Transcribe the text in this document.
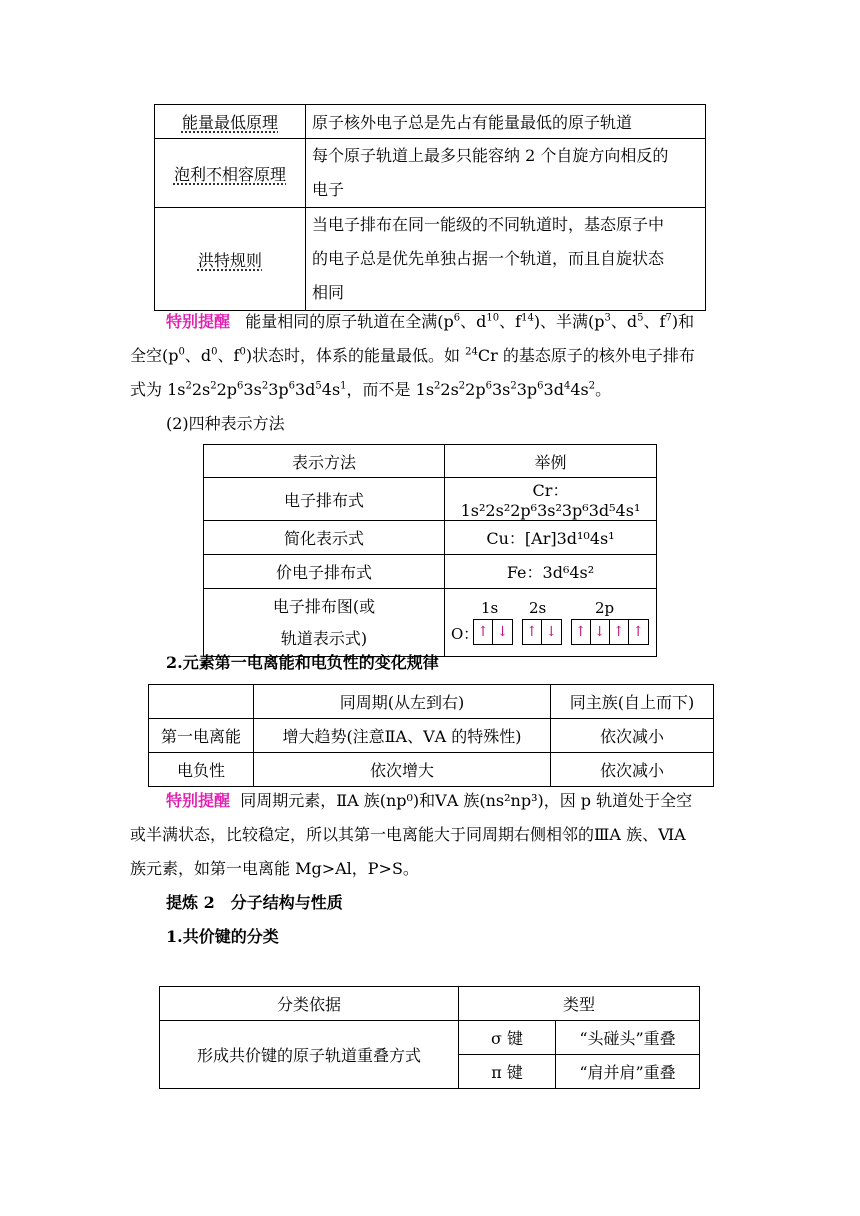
能量最低原理	原子核外电子总是先占有能量最低的原子轨道
泡利不相容原理	每个原子轨道上最多只能容纳 2 个自旋方向相反的
电子
洪特规则	当电子排布在同一能级的不同轨道时，基态原子中
的电子总是优先单独占据一个轨道，而且自旋状态
相同
特别提醒 能量相同的原子轨道在全满($p^6$、$d^{10}$、$f^{14}$)、半满($p^3$、$d^5$、$f^7$)和
全空($p^0$、$d^0$、$f^0$)状态时，体系的能量最低。如 $^{24}$Cr 的基态原子的核外电子排布
式为 $1s^22s^22p^63s^23p^63d^54s^1$，而不是 $1s^22s^22p^63s^23p^63d^44s^2$。
(2)四种表示方法
表示方法	举例
电子排布式	Cr：1s²2s²2p⁶3s²3p⁶3d⁵4s¹
简化表示式	Cu：[Ar]3d¹⁰4s¹
价电子排布式	Fe：3d⁶4s²
电子排布图(或
轨道表示式)	1s 2s 2p
O：
↑ ↓ ↑ ↓ ↑ ↓ ↑ ↑
2.元素第一电离能和电负性的变化规律
	同周期(从左到右)	同主族(自上而下)
第一电离能	增大趋势(注意ⅡA、ⅤA 的特殊性)	依次减小
电负性	依次增大	依次减小
特别提醒 同周期元素，ⅡA 族(np⁰)和ⅤA 族(ns²np³)，因 p 轨道处于全空
或半满状态，比较稳定，所以其第一电离能大于同周期右侧相邻的ⅢA 族、ⅥA
族元素，如第一电离能 Mg>Al，P>S。
提炼 2　分子结构与性质
1.共价键的分类
分类依据	类型	
形成共价键的原子轨道重叠方式	σ 键	“头碰头”重叠
	π 键	“肩并肩”重叠
